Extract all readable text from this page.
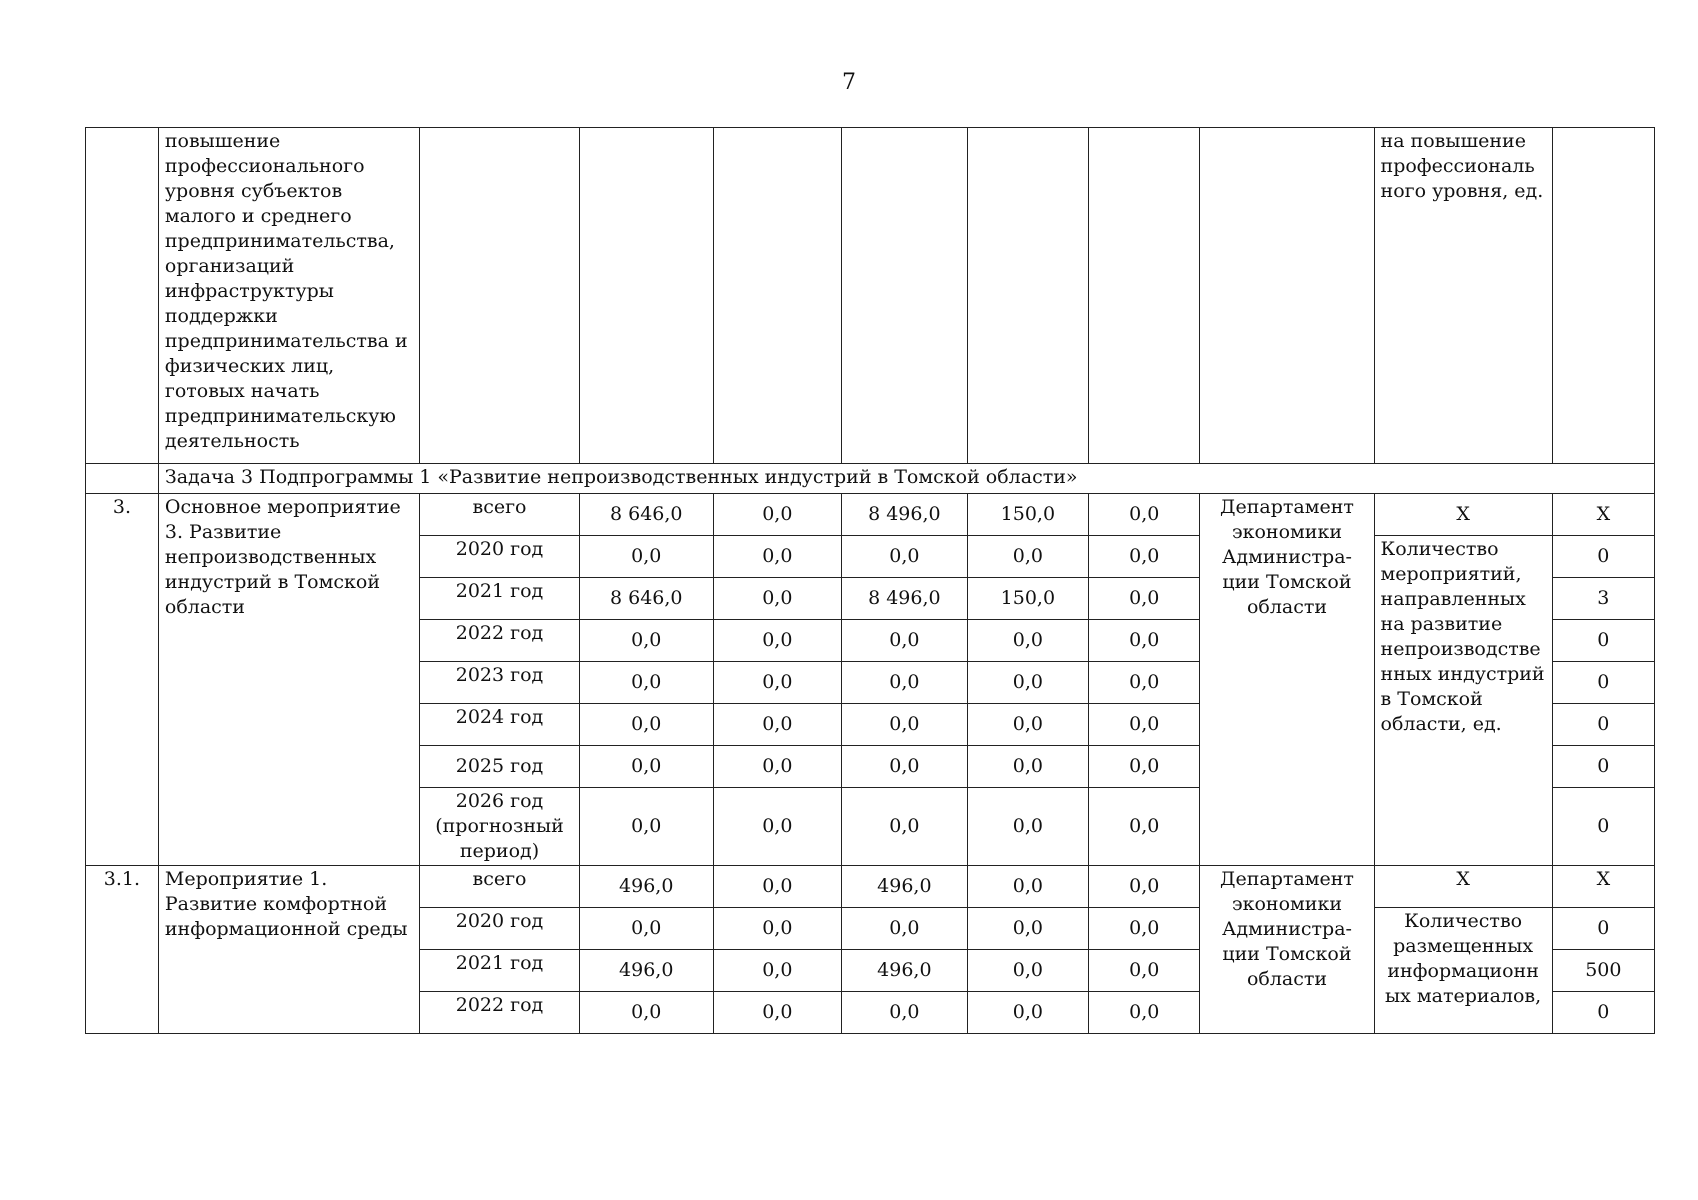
7
	повышение профессионального уровня субъектов малого и среднего предпринимательства, организаций инфраструктуры поддержки предпринимательства и физических лиц, готовых начать предпринимательскую деятельность								на повышение профессиональ ного уровня, ед.	
	Задача 3 Подпрограммы 1 «Развитие непроизводственных индустрий в Томской области»									
3.	Основное мероприятие 3. Развитие непроизводственных индустрий в Томской области	всего	8 646,0	0,0	8 496,0	150,0	0,0	Департамент экономики Администра-ции Томской области	Х	Х
		2020 год	0,0	0,0	0,0	0,0	0,0		Количество мероприятий, направленных на развитие непроизводстве нных индустрий в Томской области, ед.	0
		2021 год	8 646,0	0,0	8 496,0	150,0	0,0			3
		2022 год	0,0	0,0	0,0	0,0	0,0			0
		2023 год	0,0	0,0	0,0	0,0	0,0			0
		2024 год	0,0	0,0	0,0	0,0	0,0			0
		2025 год	0,0	0,0	0,0	0,0	0,0			0
		2026 год (прогнозный период)	0,0	0,0	0,0	0,0	0,0			0
3.1.	Мероприятие 1. Развитие комфортной информационной среды	всего	496,0	0,0	496,0	0,0	0,0	Департамент экономики Администра-ции Томской области	Х	Х
		2020 год	0,0	0,0	0,0	0,0	0,0		Количество размещенных информационн ых материалов,	0
		2021 год	496,0	0,0	496,0	0,0	0,0			500
		2022 год	0,0	0,0	0,0	0,0	0,0			0
